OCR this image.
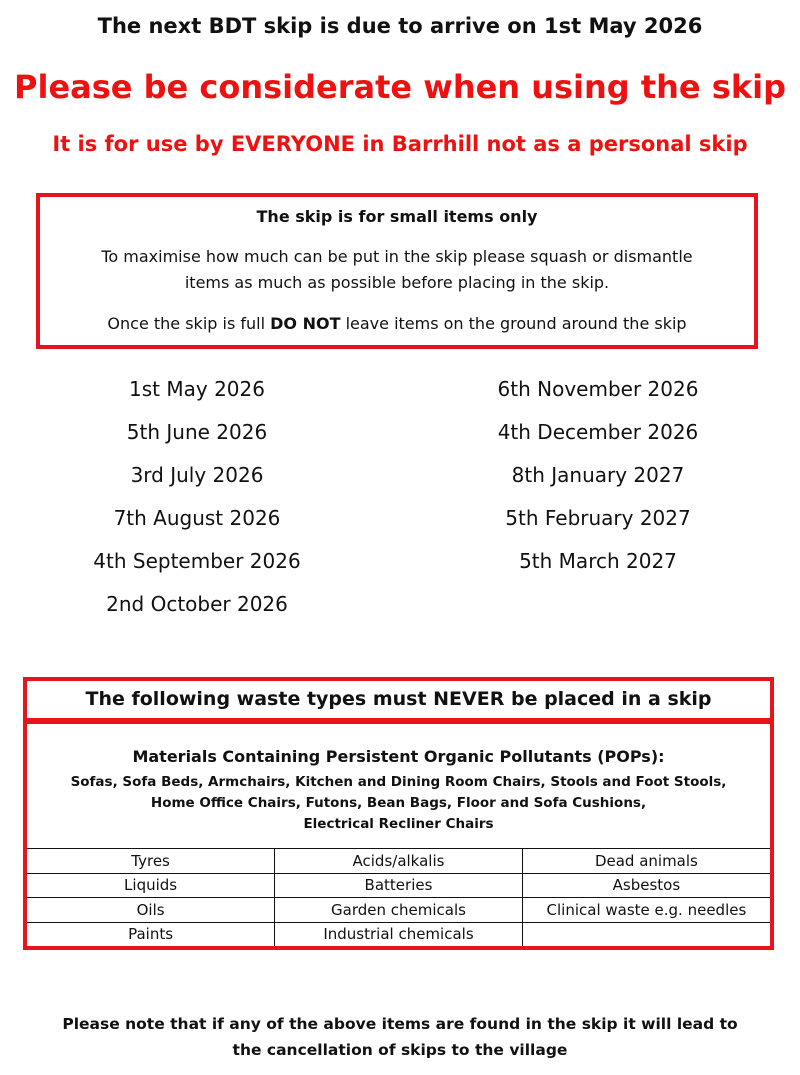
The next BDT skip is due to arrive on 1st May 2026
Please be considerate when using the skip
It is for use by EVERYONE in Barrhill not as a personal skip
The skip is for small items only
To maximise how much can be put in the skip please squash or dismantle
items as much as possible before placing in the skip.
Once the skip is full DO NOT leave items on the ground around the skip
1st May 2026
5th June 2026
3rd July 2026
7th August 2026
4th September 2026
2nd October 2026
6th November 2026
4th December 2026
8th January 2027
5th February 2027
5th March 2027
The following waste types must NEVER be placed in a skip
Materials Containing Persistent Organic Pollutants (POPs):
Sofas, Sofa Beds, Armchairs, Kitchen and Dining Room Chairs, Stools and Foot Stools,
Home Office Chairs, Futons, Bean Bags, Floor and Sofa Cushions,
Electrical Recliner Chairs
Tyres	Acids/alkalis	Dead animals
Liquids	Batteries	Asbestos
Oils	Garden chemicals	Clinical waste e.g. needles
Paints	Industrial chemicals	
Please note that if any of the above items are found in the skip it will lead to
the cancellation of skips to the village
